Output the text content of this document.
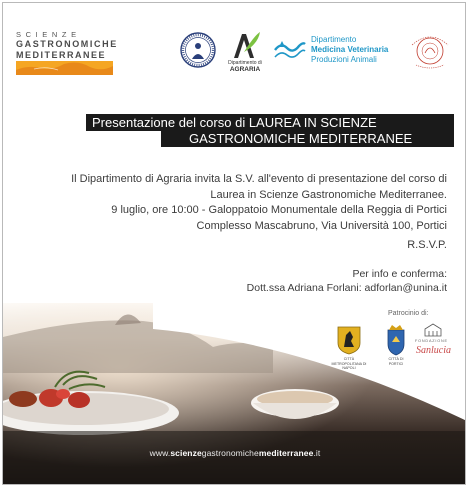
SCIENZE
GASTRONOMICHE
MEDITERRANEE
Dipartimento di
AGRARIA
Dipartimento
Medicina Veterinaria
Produzioni Animali
Presentazione del corso di LAUREA IN SCIENZE
GASTRONOMICHE MEDITERRANEE

Il Dipartimento di Agraria invita la S.V. all'evento di presentazione del corso di

Laurea in Scienze Gastronomiche Mediterranee.

9 luglio, ore 10:00 - Galoppatoio Monumentale della Reggia di Portici

Complesso Mascabruno, Via Università 100, Portici

R.S.V.P.
Per info e conferma:
Dott.ssa Adriana Forlani: adforlan@unina.it
Patrocinio di:
CITTÀ METROPOLITANA DI NAPOLI
CITTÀ DI PORTICI
FONDAZIONE
Sanlucia
www.scienzegastronomichemediterranee.it
